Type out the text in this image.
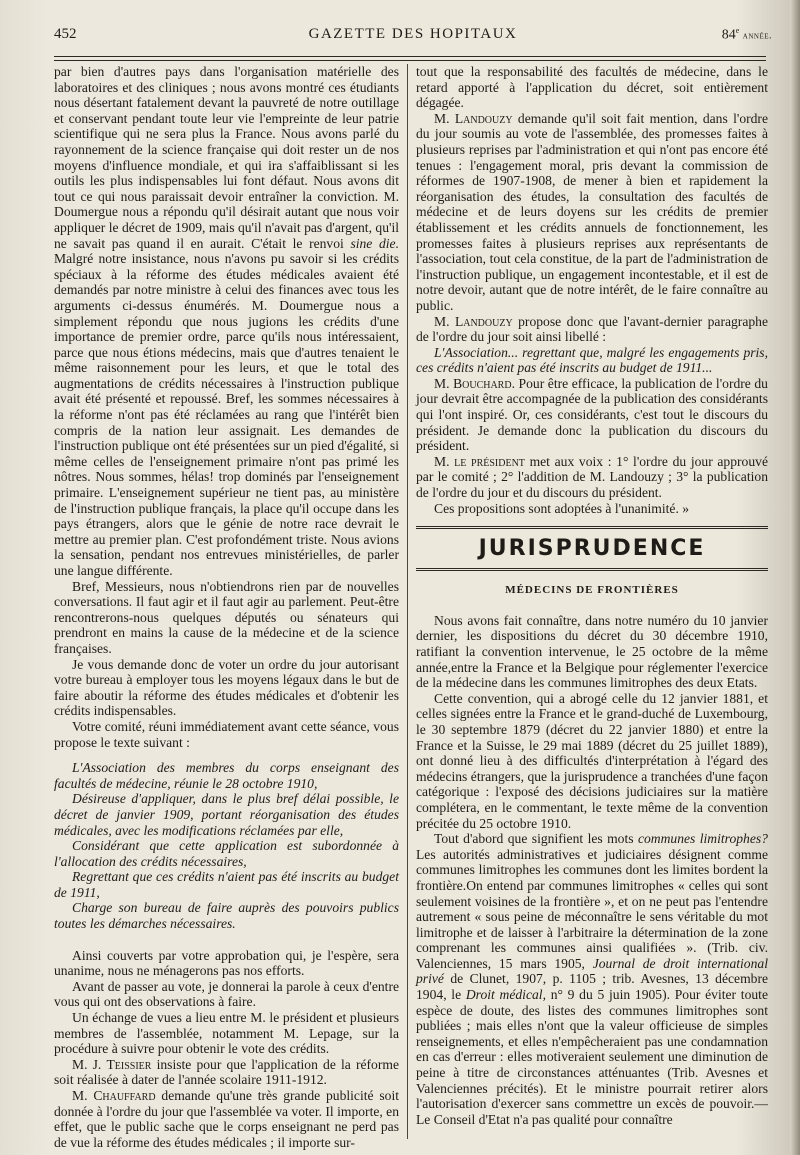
452	GAZETTE DES HOPITAUX	84e année.

par bien d'autres pays dans l'organisation matérielle des laboratoires et des cliniques ; nous avons montré ces étudiants nous désertant fatalement devant la pauvreté de notre outillage et conservant pendant toute leur vie l'empreinte de leur patrie scientifique qui ne sera plus la France. Nous avons parlé du rayonnement de la science française qui doit rester un de nos moyens d'influence mondiale, et qui ira s'affaiblissant si les outils les plus indispensables lui font défaut. Nous avons dit tout ce qui nous paraissait devoir entraîner la conviction. M. Doumergue nous a répondu qu'il désirait autant que nous voir appliquer le décret de 1909, mais qu'il n'avait pas d'argent, qu'il ne savait pas quand il en aurait. C'était le renvoi sine die. Malgré notre insistance, nous n'avons pu savoir si les crédits spéciaux à la réforme des études médicales avaient été demandés par notre ministre à celui des finances avec tous les arguments ci-dessus énumérés. M. Doumergue nous a simplement répondu que nous jugions les crédits d'une importance de premier ordre, parce qu'ils nous intéressaient, parce que nous étions médecins, mais que d'autres tenaient le même raisonnement pour les leurs, et que le total des augmentations de crédits nécessaires à l'instruction publique avait été présenté et repoussé. Bref, les sommes nécessaires à la réforme n'ont pas été réclamées au rang que l'intérêt bien compris de la nation leur assignait. Les demandes de l'instruction publique ont été présentées sur un pied d'égalité, si même celles de l'enseignement primaire n'ont pas primé les nôtres. Nous sommes, hélas! trop dominés par l'enseignement primaire. L'enseignement supérieur ne tient pas, au ministère de l'instruction publique français, la place qu'il occupe dans les pays étrangers, alors que le génie de notre race devrait le mettre au premier plan. C'est profondément triste. Nous avions la sensation, pendant nos entrevues ministérielles, de parler une langue différente.

Bref, Messieurs, nous n'obtiendrons rien par de nouvelles conversations. Il faut agir et il faut agir au parlement. Peut-être rencontrerons-nous quelques députés ou sénateurs qui prendront en mains la cause de la médecine et de la science françaises.

Je vous demande donc de voter un ordre du jour autorisant votre bureau à employer tous les moyens légaux dans le but de faire aboutir la réforme des études médicales et d'obtenir les crédits indispensables.

Votre comité, réuni immédiatement avant cette séance, vous propose le texte suivant :

L'Association des membres du corps enseignant des facultés de médecine, réunie le 28 octobre 1910,

Désireuse d'appliquer, dans le plus bref délai possible, le décret de janvier 1909, portant réorganisation des études médicales, avec les modifications réclamées par elle,

Considérant que cette application est subordonnée à l'allocation des crédits nécessaires,

Regrettant que ces crédits n'aient pas été inscrits au budget de 1911,

Charge son bureau de faire auprès des pouvoirs publics toutes les démarches nécessaires.

Ainsi couverts par votre approbation qui, je l'espère, sera unanime, nous ne ménagerons pas nos efforts.

Avant de passer au vote, je donnerai la parole à ceux d'entre vous qui ont des observations à faire.

Un échange de vues a lieu entre M. le président et plusieurs membres de l'assemblée, notamment M. Lepage, sur la procédure à suivre pour obtenir le vote des crédits.

M. J. Teissier insiste pour que l'application de la réforme soit réalisée à dater de l'année scolaire 1911-1912.

M. Chauffard demande qu'une très grande publicité soit donnée à l'ordre du jour que l'assemblée va voter. Il importe, en effet, que le public sache que le corps enseignant ne perd pas de vue la réforme des études médicales ; il importe sur-

tout que la responsabilité des facultés de médecine, dans le retard apporté à l'application du décret, soit entièrement dégagée.

M. Landouzy demande qu'il soit fait mention, dans l'ordre du jour soumis au vote de l'assemblée, des promesses faites à plusieurs reprises par l'administration et qui n'ont pas encore été tenues : l'engagement moral, pris devant la commission de réformes de 1907-1908, de mener à bien et rapidement la réorganisation des études, la consultation des facultés de médecine et de leurs doyens sur les crédits de premier établissement et les crédits annuels de fonctionnement, les promesses faites à plusieurs reprises aux représentants de l'association, tout cela constitue, de la part de l'administration de l'instruction publique, un engagement incontestable, et il est de notre devoir, autant que de notre intérêt, de le faire connaître au public.

M. Landouzy propose donc que l'avant-dernier paragraphe de l'ordre du jour soit ainsi libellé :

L'Association... regrettant que, malgré les engagements pris, ces crédits n'aient pas été inscrits au budget de 1911...

M. Bouchard. Pour être efficace, la publication de l'ordre du jour devrait être accompagnée de la publication des considérants qui l'ont inspiré. Or, ces considérants, c'est tout le discours du président. Je demande donc la publication du discours du président.

M. le président met aux voix : 1° l'ordre du jour approuvé par le comité ; 2° l'addition de M. Landouzy ; 3° la publication de l'ordre du jour et du discours du président.

Ces propositions sont adoptées à l'unanimité. »

JURISPRUDENCE
MÉDECINS DE FRONTIÈRES

Nous avons fait connaître, dans notre numéro du 10 janvier dernier, les dispositions du décret du 30 décembre 1910, ratifiant la convention intervenue, le 25 octobre de la même année,entre la France et la Belgique pour réglementer l'exercice de la médecine dans les communes limitrophes des deux Etats.

Cette convention, qui a abrogé celle du 12 janvier 1881, et celles signées entre la France et le grand-duché de Luxembourg, le 30 septembre 1879 (décret du 22 janvier 1880) et entre la France et la Suisse, le 29 mai 1889 (décret du 25 juillet 1889), ont donné lieu à des difficultés d'interprétation à l'égard des médecins étrangers, que la jurisprudence a tranchées d'une façon catégorique : l'exposé des décisions judiciaires sur la matière complétera, en le commentant, le texte même de la convention précitée du 25 octobre 1910.

Tout d'abord que signifient les mots communes limitrophes? Les autorités administratives et judiciaires désignent comme communes limitrophes les communes dont les limites bordent la frontière.On entend par communes limitrophes « celles qui sont seulement voisines de la frontière », et on ne peut pas l'entendre autrement « sous peine de méconnaître le sens véritable du mot limitrophe et de laisser à l'arbitraire la détermination de la zone comprenant les communes ainsi qualifiées ». (Trib. civ. Valenciennes, 15 mars 1905, Journal de droit international privé de Clunet, 1907, p. 1105 ; trib. Avesnes, 13 décembre 1904, le Droit médical, n° 9 du 5 juin 1905). Pour éviter toute espèce de doute, des listes des communes limitrophes sont publiées ; mais elles n'ont que la valeur officieuse de simples renseignements, et elles n'empêcheraient pas une condamnation en cas d'erreur : elles motiveraient seulement une diminution de peine à titre de circonstances atténuantes (Trib. Avesnes et Valenciennes précités). Et le ministre pourrait retirer alors l'autorisation d'exercer sans commettre un excès de pouvoir.— Le Conseil d'Etat n'a pas qualité pour connaître
